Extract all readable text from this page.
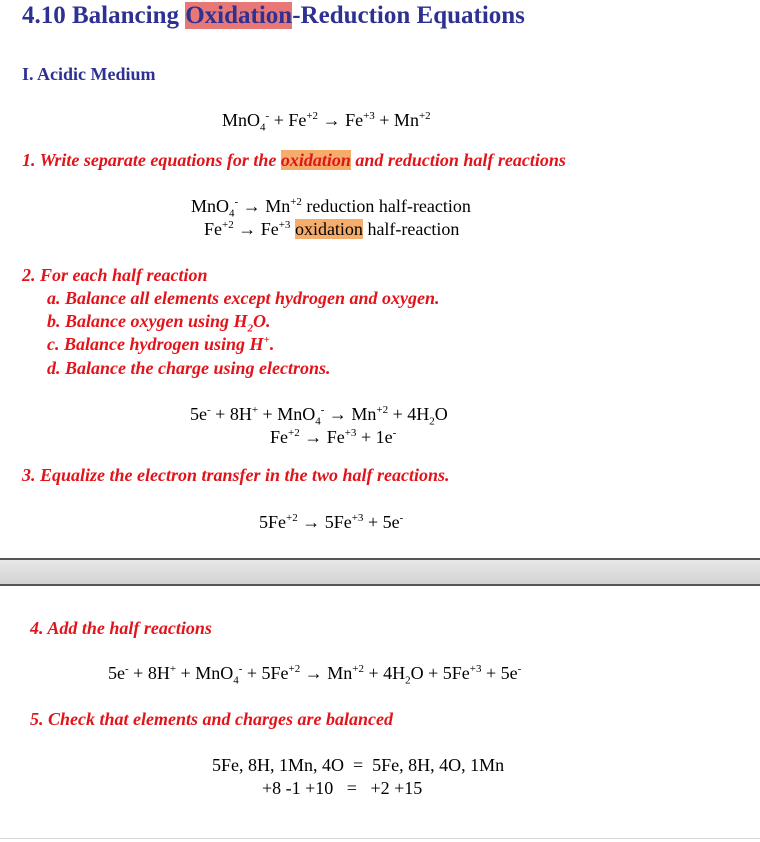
4.10 Balancing Oxidation-Reduction Equations
I. Acidic Medium
$MnO_4^- + Fe^{+2} \to Fe^{+3} + Mn^{+2}$
1. Write separate equations for the oxidation and reduction half reactions
$MnO_4^- \to Mn^{+2}$ reduction half-reaction
$Fe^{+2} \to Fe^{+3}$ oxidation half-reaction
2. For each half reaction
a. Balance all elements except hydrogen and oxygen.
b. Balance oxygen using $H_2O$.
c. Balance hydrogen using H+.
d. Balance the charge using electrons.
$5e^- + 8H^+ + MnO_4^- \to Mn^{+2} + 4H_2O$
$Fe^{+2} \to Fe^{+3} + 1e^-$
3. Equalize the electron transfer in the two half reactions.
$5Fe^{+2} \to 5Fe^{+3} + 5e^-$
4. Add the half reactions
$5e^- + 8H^+ + MnO_4^- + 5Fe^{+2} \to Mn^{+2} + 4H_2O + 5Fe^{+3} + 5e^-$
5. Check that elements and charges are balanced
5Fe, 8H, 1Mn, 4O = 5Fe, 8H, 4O, 1Mn
+8 -1 +10 = +2 +15
